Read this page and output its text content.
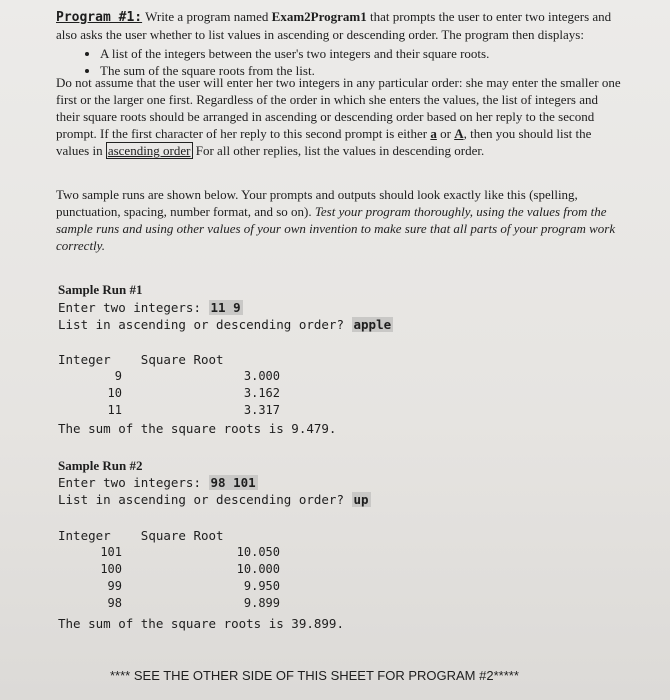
Program #1: Write a program named Exam2Program1 that prompts the user to enter two integers and also asks the user whether to list values in ascending or descending order. The program then displays:
• A list of the integers between the user's two integers and their square roots.
• The sum of the square roots from the list.
Do not assume that the user will enter her two integers in any particular order: she may enter the smaller one first or the larger one first. Regardless of the order in which she enters the values, the list of integers and their square roots should be arranged in ascending or descending order based on her reply to the second prompt. If the first character of her reply to this second prompt is either a or A, then you should list the values in ascending order For all other replies, list the values in descending order.
Two sample runs are shown below. Your prompts and outputs should look exactly like this (spelling, punctuation, spacing, number format, and so on). Test your program thoroughly, using the values from the sample runs and using other values of your own invention to make sure that all parts of your program work correctly.
Sample Run #1
Enter two integers: 11 9
List in ascending or descending order? apple
Integer Square Root
9	3.000
10	3.162
11	3.317
The sum of the square roots is 9.479.
Sample Run #2
Enter two integers: 98 101
List in ascending or descending order? up
Integer Square Root
101	10.050
100	10.000
99	9.950
98	9.899
The sum of the square roots is 39.899.
**** SEE THE OTHER SIDE OF THIS SHEET FOR PROGRAM #2*****
